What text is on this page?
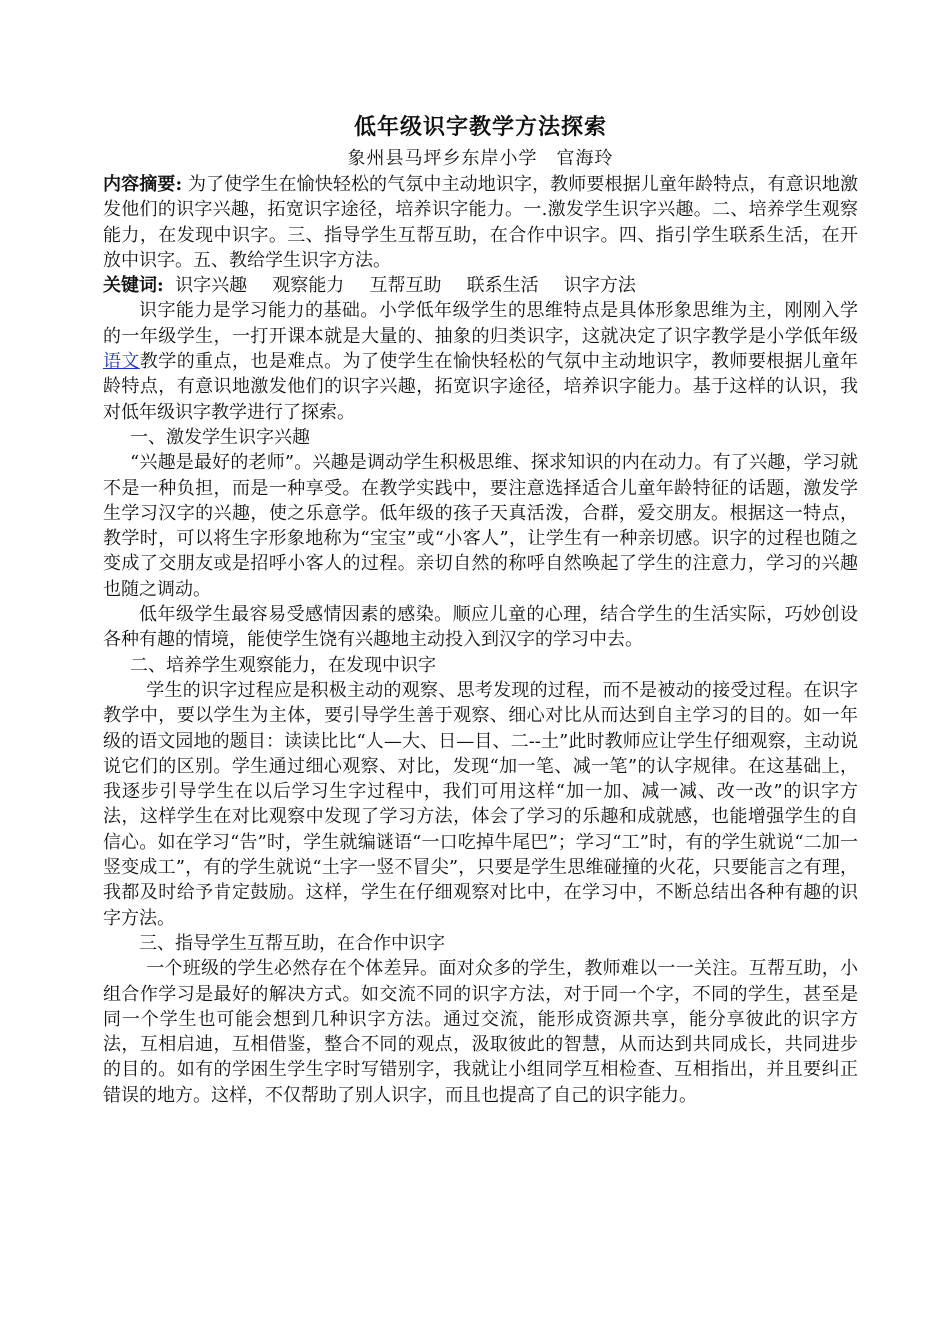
低年级识字教学方法探索

象州县马坪乡东岸小学　官海玲

内容摘要: 为了使学生在愉快轻松的气氛中主动地识字，教师要根据儿童年龄特点，有意识地激发他们的识字兴趣，拓宽识字途径，培养识字能力。一.激发学生识字兴趣。二、培养学生观察能力，在发现中识字。三、指导学生互帮互助，在合作中识字。四、指引学生联系生活，在开放中识字。五、教给学生识字方法。

关键词: 识字兴趣 观察能力 互帮互助 联系生活 识字方法

识字能力是学习能力的基础。小学低年级学生的思维特点是具体形象思维为主，刚刚入学的一年级学生，一打开课本就是大量的、抽象的归类识字，这就决定了识字教学是小学低年级语文教学的重点，也是难点。为了使学生在愉快轻松的气氛中主动地识字，教师要根据儿童年龄特点，有意识地激发他们的识字兴趣，拓宽识字途径，培养识字能力。基于这样的认识，我对低年级识字教学进行了探索。

一、激发学生识字兴趣

“兴趣是最好的老师”。兴趣是调动学生积极思维、探求知识的内在动力。有了兴趣，学习就不是一种负担，而是一种享受。在教学实践中，要注意选择适合儿童年龄特征的话题，激发学生学习汉字的兴趣，使之乐意学。低年级的孩子天真活泼，合群，爱交朋友。根据这一特点，教学时，可以将生字形象地称为“宝宝”或“小客人”，让学生有一种亲切感。识字的过程也随之变成了交朋友或是招呼小客人的过程。亲切自然的称呼自然唤起了学生的注意力，学习的兴趣也随之调动。

低年级学生最容易受感情因素的感染。顺应儿童的心理，结合学生的生活实际，巧妙创设各种有趣的情境，能使学生饶有兴趣地主动投入到汉字的学习中去。

二、培养学生观察能力，在发现中识字

学生的识字过程应是积极主动的观察、思考发现的过程，而不是被动的接受过程。在识字教学中，要以学生为主体，要引导学生善于观察、细心对比从而达到自主学习的目的。如一年级的语文园地的题目：读读比比“人—大、日—目、二--土”此时教师应让学生仔细观察，主动说说它们的区别。学生通过细心观察、对比，发现“加一笔、减一笔”的认字规律。在这基础上，我逐步引导学生在以后学习生字过程中，我们可用这样“加一加、减一减、改一改”的识字方法，这样学生在对比观察中发现了学习方法，体会了学习的乐趣和成就感，也能增强学生的自信心。如在学习“告”时，学生就编谜语“一口吃掉牛尾巴”；学习“工”时，有的学生就说“二加一竖变成工”，有的学生就说“土字一竖不冒尖”，只要是学生思维碰撞的火花，只要能言之有理，我都及时给予肯定鼓励。这样，学生在仔细观察对比中，在学习中，不断总结出各种有趣的识字方法。

三、指导学生互帮互助，在合作中识字

一个班级的学生必然存在个体差异。面对众多的学生，教师难以一一关注。互帮互助，小组合作学习是最好的解决方式。如交流不同的识字方法，对于同一个字，不同的学生，甚至是同一个学生也可能会想到几种识字方法。通过交流，能形成资源共享，能分享彼此的识字方法，互相启迪，互相借鉴，整合不同的观点，汲取彼此的智慧，从而达到共同成长，共同进步的目的。如有的学困生学生字时写错别字，我就让小组同学互相检查、互相指出，并且要纠正错误的地方。这样，不仅帮助了别人识字，而且也提高了自己的识字能力。
